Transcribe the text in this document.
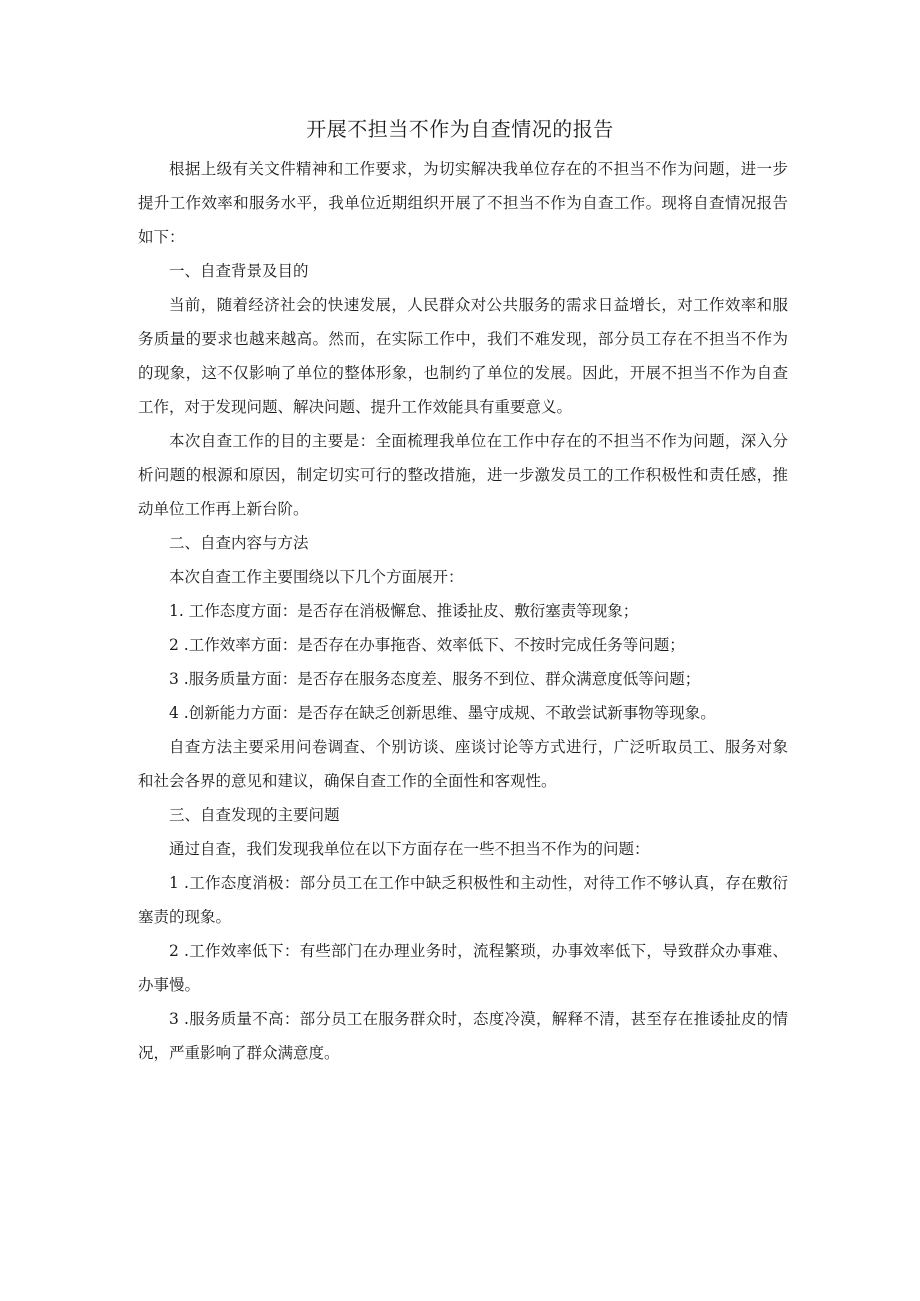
开展不担当不作为自查情况的报告

根据上级有关文件精神和工作要求，为切实解决我单位存在的不担当不作为问题，进一步提升工作效率和服务水平，我单位近期组织开展了不担当不作为自查工作。现将自查情况报告如下：

一、自查背景及目的

当前，随着经济社会的快速发展，人民群众对公共服务的需求日益增长，对工作效率和服务质量的要求也越来越高。然而，在实际工作中，我们不难发现，部分员工存在不担当不作为的现象，这不仅影响了单位的整体形象，也制约了单位的发展。因此，开展不担当不作为自查工作，对于发现问题、解决问题、提升工作效能具有重要意义。

本次自查工作的目的主要是：全面梳理我单位在工作中存在的不担当不作为问题，深入分析问题的根源和原因，制定切实可行的整改措施，进一步激发员工的工作积极性和责任感，推动单位工作再上新台阶。

二、自查内容与方法

本次自查工作主要围绕以下几个方面展开：

1. 工作态度方面：是否存在消极懈怠、推诿扯皮、敷衍塞责等现象；

2 .工作效率方面：是否存在办事拖沓、效率低下、不按时完成任务等问题；

3 .服务质量方面：是否存在服务态度差、服务不到位、群众满意度低等问题；

4 .创新能力方面：是否存在缺乏创新思维、墨守成规、不敢尝试新事物等现象。

自查方法主要采用问卷调查、个别访谈、座谈讨论等方式进行，广泛听取员工、服务对象和社会各界的意见和建议，确保自查工作的全面性和客观性。

三、自查发现的主要问题

通过自查，我们发现我单位在以下方面存在一些不担当不作为的问题：

1 .工作态度消极：部分员工在工作中缺乏积极性和主动性，对待工作不够认真，存在敷衍塞责的现象。

2 .工作效率低下：有些部门在办理业务时，流程繁琐，办事效率低下，导致群众办事难、办事慢。

3 .服务质量不高：部分员工在服务群众时，态度冷漠，解释不清，甚至存在推诿扯皮的情况，严重影响了群众满意度。
